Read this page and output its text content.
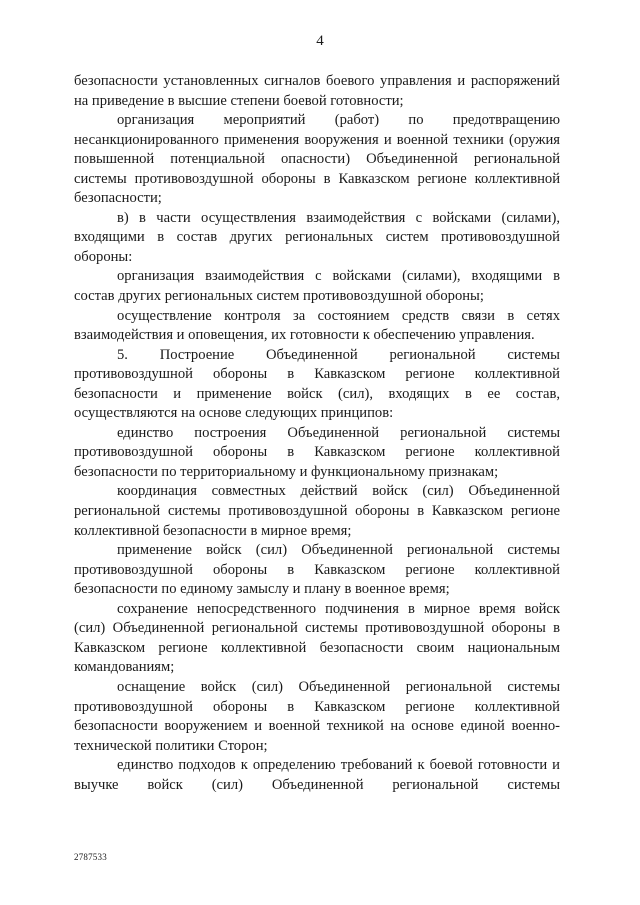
4

безопасности установленных сигналов боевого управления и распоряжений на приведение в высшие степени боевой готовности;

организация мероприятий (работ) по предотвращению несанкционированного применения вооружения и военной техники (оружия повышенной потенциальной опасности) Объединенной региональной системы противовоздушной обороны в Кавказском регионе коллективной безопасности;

в) в части осуществления взаимодействия с войсками (силами), входящими в состав других региональных систем противовоздушной обороны:

организация взаимодействия с войсками (силами), входящими в состав других региональных систем противовоздушной обороны;

осуществление контроля за состоянием средств связи в сетях взаимодействия и оповещения, их готовности к обеспечению управления.

5. Построение Объединенной региональной системы противовоздушной обороны в Кавказском регионе коллективной безопасности и применение войск (сил), входящих в ее состав, осуществляются на основе следующих принципов:

единство построения Объединенной региональной системы противовоздушной обороны в Кавказском регионе коллективной безопасности по территориальному и функциональному признакам;

координация совместных действий войск (сил) Объединенной региональной системы противовоздушной обороны в Кавказском регионе коллективной безопасности в мирное время;

применение войск (сил) Объединенной региональной системы противовоздушной обороны в Кавказском регионе коллективной безопасности по единому замыслу и плану в военное время;

сохранение непосредственного подчинения в мирное время войск (сил) Объединенной региональной системы противовоздушной обороны в Кавказском регионе коллективной безопасности своим национальным командованиям;

оснащение войск (сил) Объединенной региональной системы противовоздушной обороны в Кавказском регионе коллективной безопасности вооружением и военной техникой на основе единой военно-технической политики Сторон;

единство подходов к определению требований к боевой готовности и выучке войск (сил) Объединенной региональной системы

2787533
